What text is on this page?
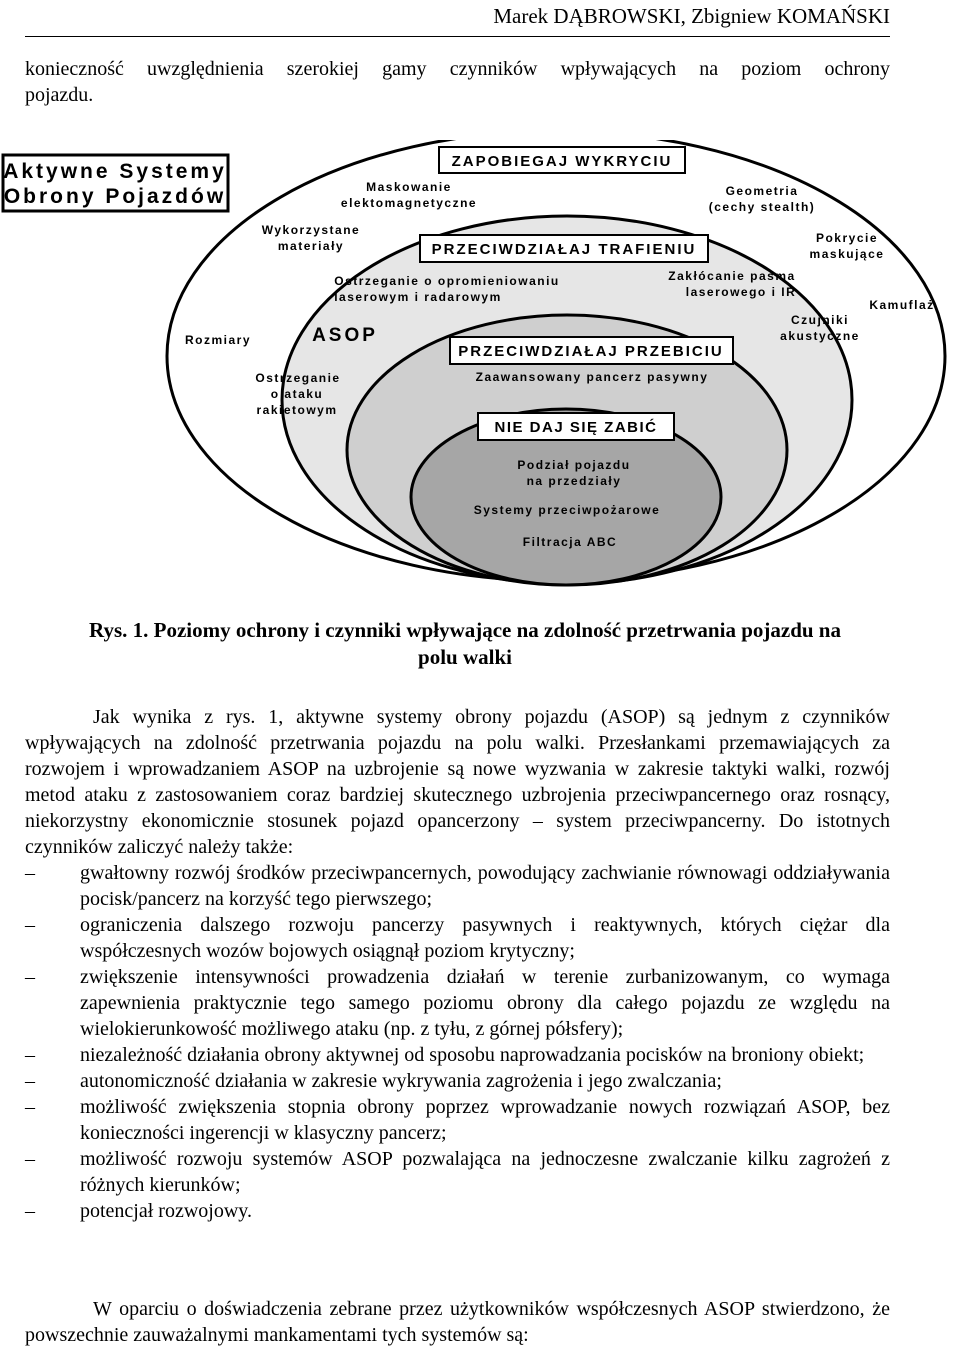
Marek DĄBROWSKI, Zbigniew KOMAŃSKI
konieczność uwzględnienia szerokiej gamy czynników wpływających na poziom ochrony
pojazdu.
Aktywne Systemy
Obrony Pojazdów
ZAPOBIEGAJ WYKRYCIU
Maskowanie
elektomagnetyczne
Geometria
(cechy stealth)
Wykorzystane
materiały
Pokrycie
maskujące
Kamuflaż
Rozmiary
Czujniki
akustyczne
PRZECIWDZIAŁAJ TRAFIENIU
Ostrzeganie o opromieniowaniu
laserowym i radarowym
Zakłócanie pasma
laserowego i IR
ASOP
Ostrzeganie
o ataku
rakietowym
PRZECIWDZIAŁAJ PRZEBICIU
Zaawansowany pancerz pasywny
NIE DAJ SIĘ ZABIĆ
Podział pojazdu
na przedziały
Systemy przeciwpożarowe
Filtracja ABC
Rys. 1. Poziomy ochrony i czynniki wpływające na zdolność przetrwania pojazdu na
polu walki

Jak wynika z rys. 1, aktywne systemy obrony pojazdu (ASOP) są jednym z czynników wpływających na zdolność przetrwania pojazdu na polu walki. Przesłankami przemawiających za rozwojem i wprowadzaniem ASOP na uzbrojenie są nowe wyzwania w zakresie taktyki walki, rozwój metod ataku z zastosowaniem coraz bardziej skutecznego uzbrojenia przeciwpancernego oraz rosnący, niekorzystny ekonomicznie stosunek pojazd opancerzony – system przeciwpancerny. Do istotnych czynników zaliczyć należy także:

– gwałtowny rozwój środków przeciwpancernych, powodujący zachwianie równowagi oddziaływania pocisk/pancerz na korzyść tego pierwszego;
– ograniczenia dalszego rozwoju pancerzy pasywnych i reaktywnych, których ciężar dla współczesnych wozów bojowych osiągnął poziom krytyczny;
– zwiększenie intensywności prowadzenia działań w terenie zurbanizowanym, co wymaga zapewnienia praktycznie tego samego poziomu obrony dla całego pojazdu ze względu na wielokierunkowość możliwego ataku (np. z tyłu, z górnej półsfery);
– niezależność działania obrony aktywnej od sposobu naprowadzania pocisków na broniony obiekt;
– autonomiczność działania w zakresie wykrywania zagrożenia i jego zwalczania;
– możliwość zwiększenia stopnia obrony poprzez wprowadzanie nowych rozwiązań ASOP, bez konieczności ingerencji w klasyczny pancerz;
– możliwość rozwoju systemów ASOP pozwalająca na jednoczesne zwalczanie kilku zagrożeń z różnych kierunków;
– potencjał rozwojowy.

W oparciu o doświadczenia zebrane przez użytkowników współczesnych ASOP stwierdzono, że powszechnie zauważalnymi mankamentami tych systemów są:
